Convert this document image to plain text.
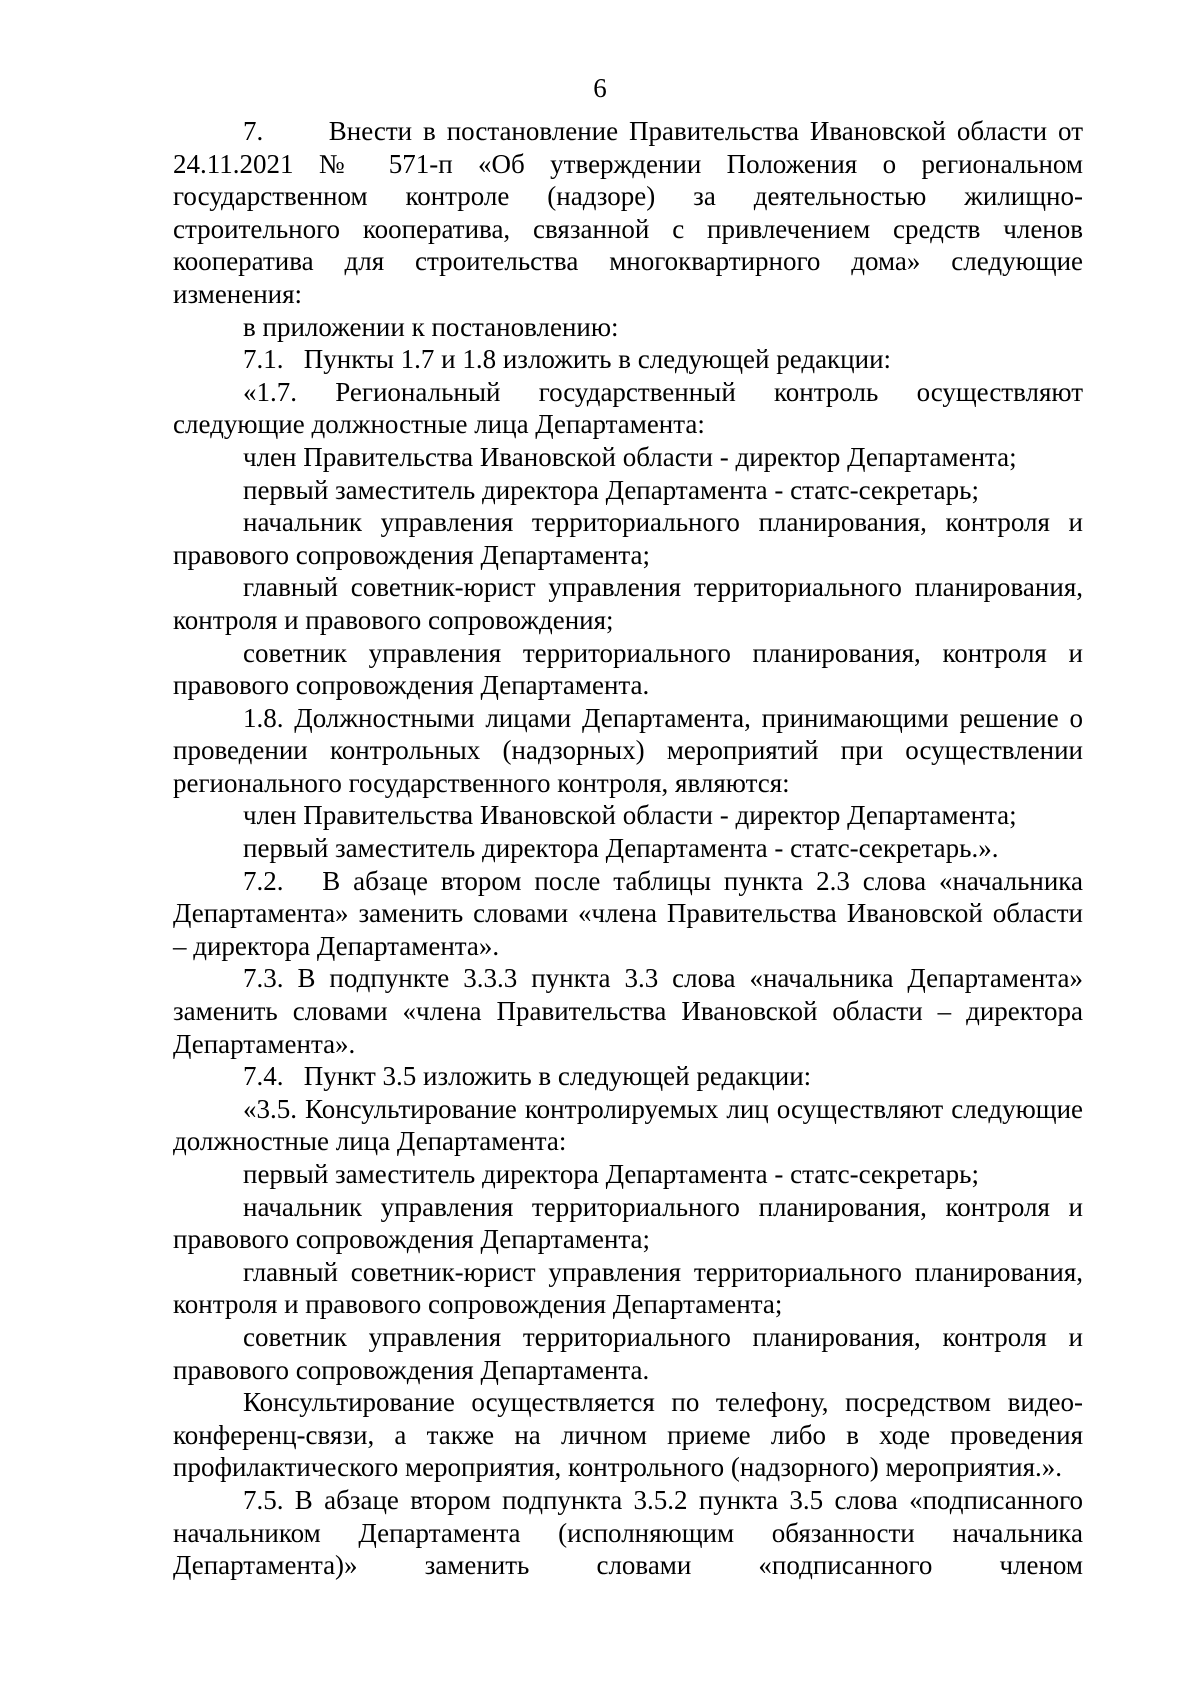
6

7.      Внести в постановление Правительства Ивановской области от 24.11.2021 № 571-п «Об утверждении Положения о региональном государственном контроле (надзоре) за деятельностью жилищно-строительного кооператива, связанной с привлечением средств членов кооператива для строительства многоквартирного дома» следующие изменения:

в приложении к постановлению:

7.1.   Пункты 1.7 и 1.8 изложить в следующей редакции:

«1.7. Региональный государственный контроль осуществляют следующие должностные лица Департамента:

член Правительства Ивановской области - директор Департамента;

первый заместитель директора Департамента - статс-секретарь;

начальник управления территориального планирования, контроля и правового сопровождения Департамента;

главный советник-юрист управления территориального планирования, контроля и правового сопровождения;

советник управления территориального планирования, контроля и правового сопровождения Департамента.

1.8. Должностными лицами Департамента, принимающими решение о проведении контрольных (надзорных) мероприятий при осуществлении регионального государственного контроля, являются:

член Правительства Ивановской области - директор Департамента;

первый заместитель директора Департамента - статс-секретарь.».

7.2.   В абзаце втором после таблицы пункта 2.3 слова «начальника Департамента» заменить словами «члена Правительства Ивановской области – директора Департамента».

7.3. В подпункте 3.3.3 пункта 3.3 слова «начальника Департамента» заменить словами «члена Правительства Ивановской области – директора Департамента».

7.4.   Пункт 3.5 изложить в следующей редакции:

«3.5. Консультирование контролируемых лиц осуществляют следующие должностные лица Департамента:

первый заместитель директора Департамента - статс-секретарь;

начальник управления территориального планирования, контроля и правового сопровождения Департамента;

главный советник-юрист управления территориального планирования, контроля и правового сопровождения Департамента;

советник управления территориального планирования, контроля и правового сопровождения Департамента.

Консультирование осуществляется по телефону, посредством видео-конференц-связи, а также на личном приеме либо в ходе проведения профилактического мероприятия, контрольного (надзорного) мероприятия.».

7.5. В абзаце втором подпункта 3.5.2 пункта 3.5 слова «подписанного начальником Департамента (исполняющим обязанности начальника Департамента)» заменить словами «подписанного членом
